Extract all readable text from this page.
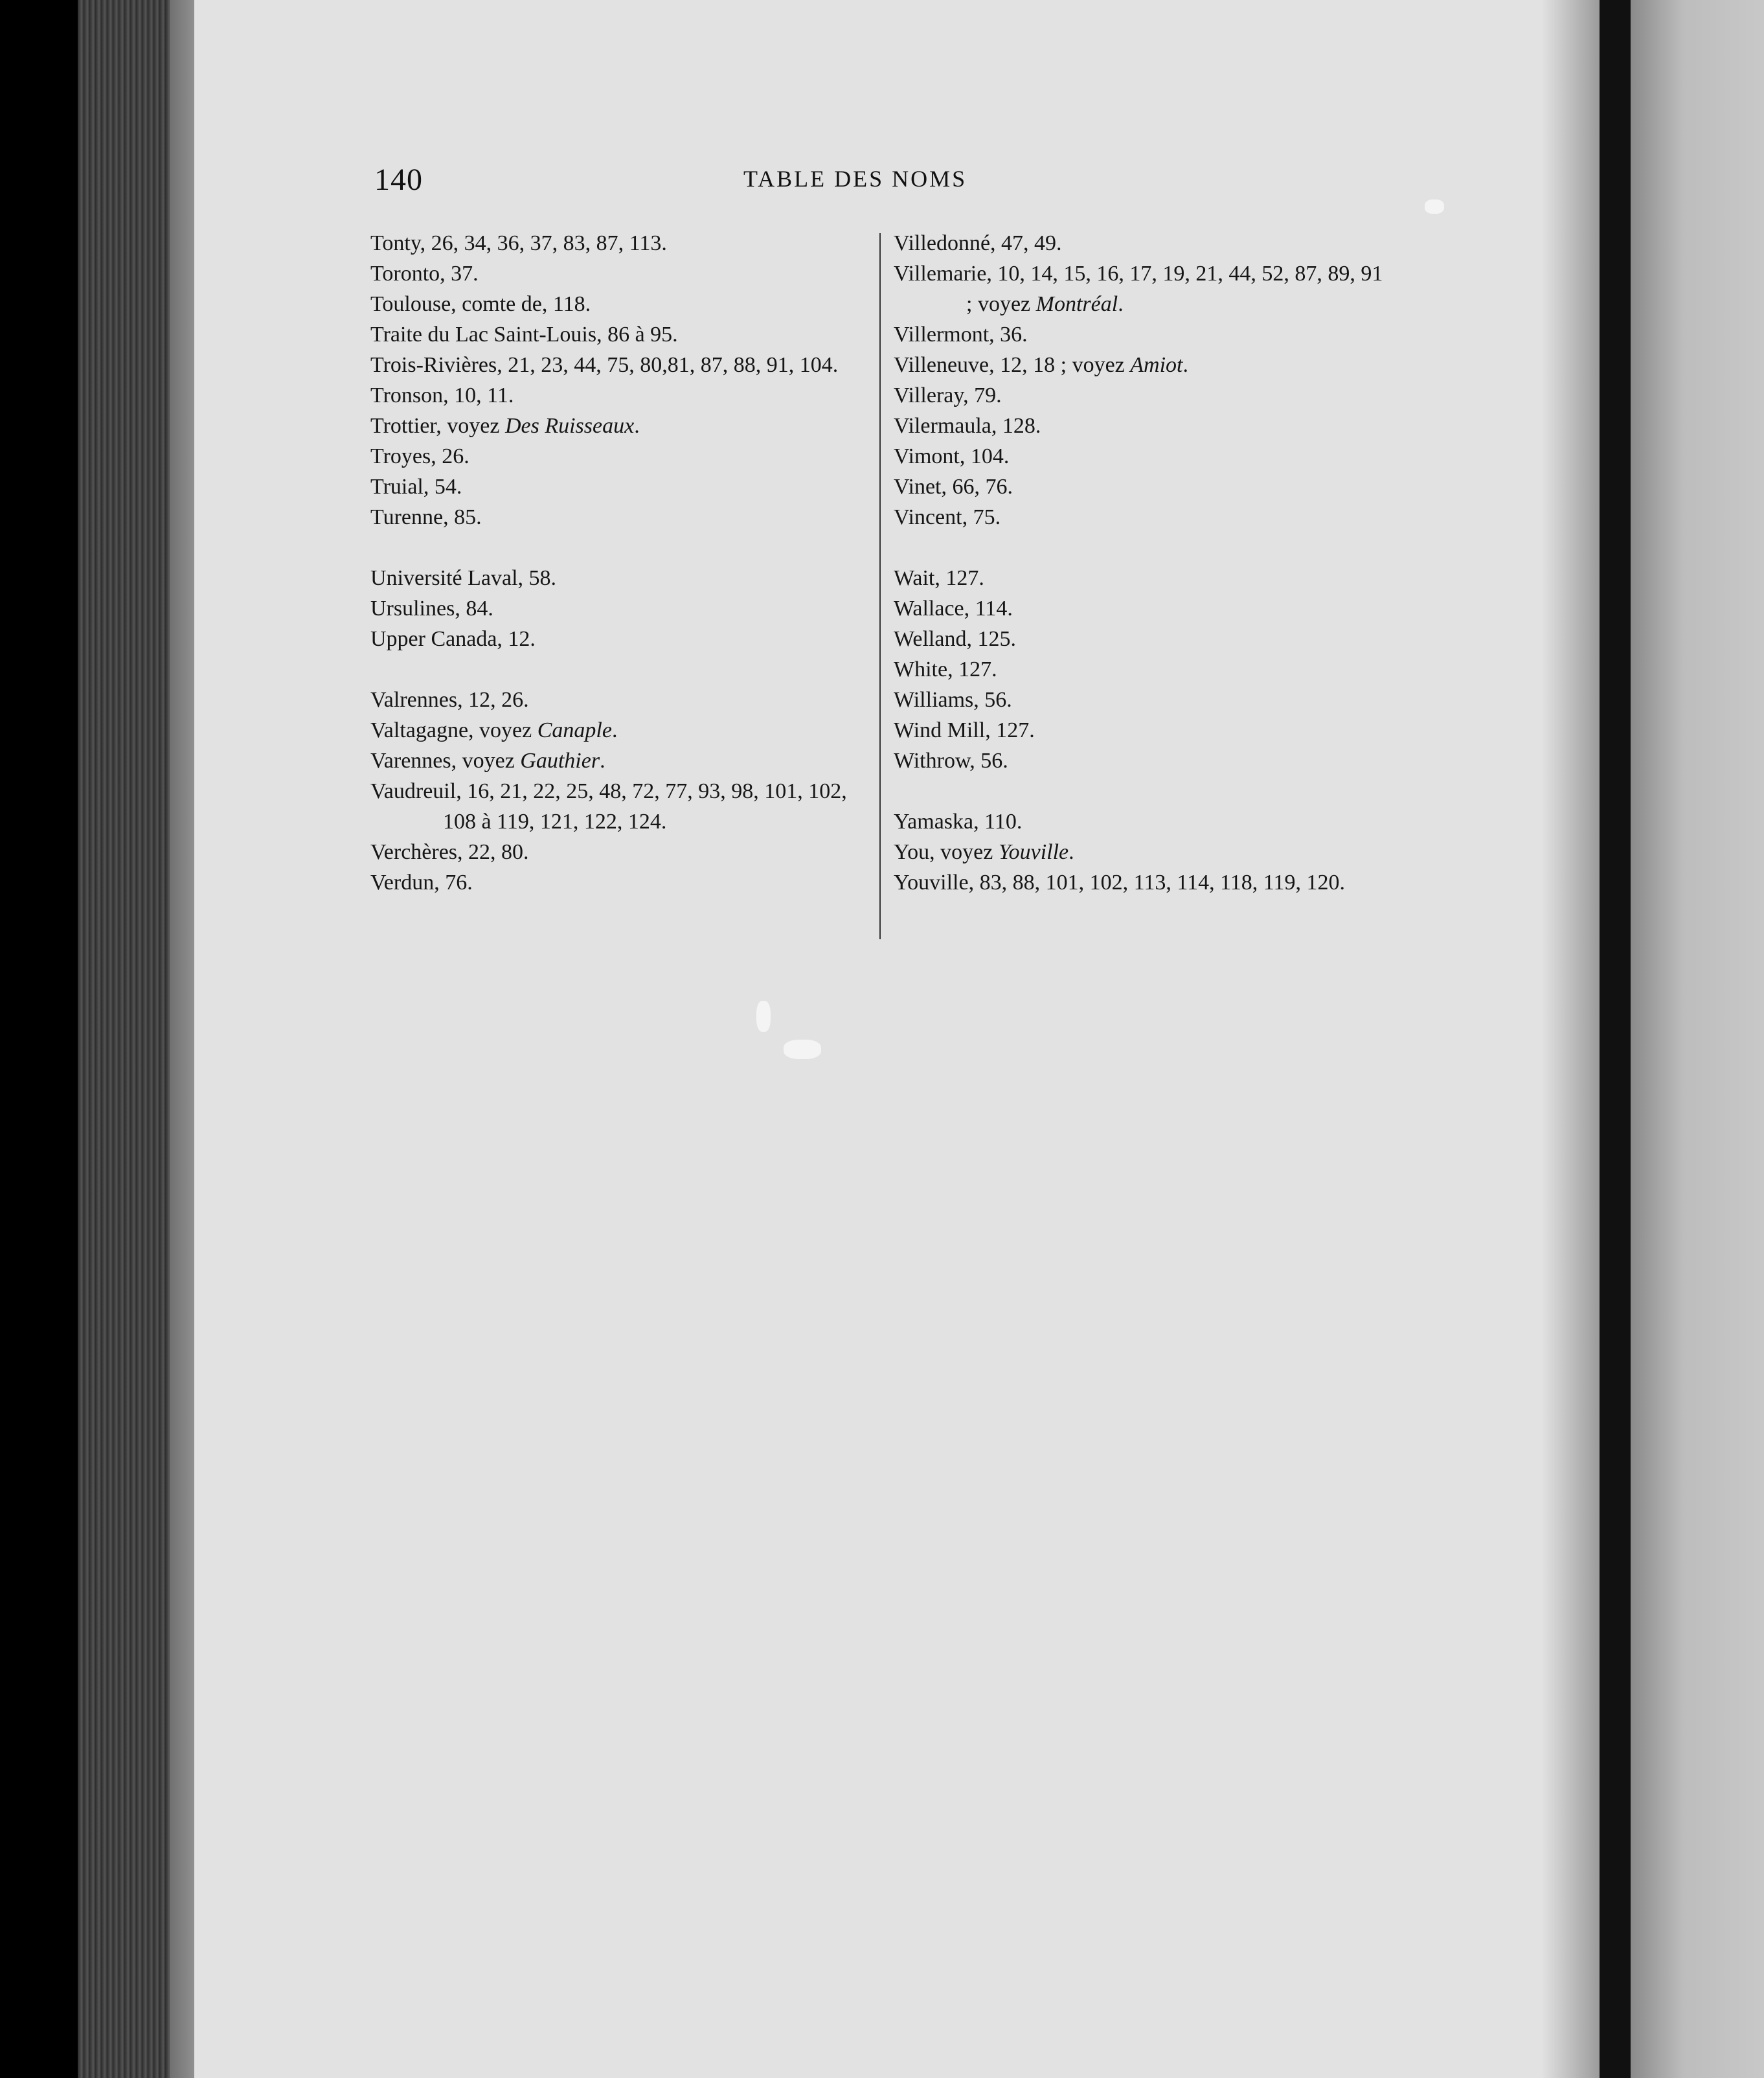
140	TABLE DES NOMS

Tonty, 26, 34, 36, 37, 83, 87, 113.

Toronto, 37.

Toulouse, comte de, 118.

Traite du Lac Saint-Louis, 86 à 95.

Trois-Rivières, 21, 23, 44, 75, 80,81, 87, 88, 91, 104.

Tronson, 10, 11.

Trottier, voyez Des Ruisseaux.

Troyes, 26.

Truial, 54.

Turenne, 85.

Université Laval, 58.

Ursulines, 84.

Upper Canada, 12.

Valrennes, 12, 26.

Valtagagne, voyez Canaple.

Varennes, voyez Gauthier.

Vaudreuil, 16, 21, 22, 25, 48, 72, 77, 93, 98, 101, 102, 108 à 119, 121, 122, 124.

Verchères, 22, 80.

Verdun, 76.

Villedonné, 47, 49.

Villemarie, 10, 14, 15, 16, 17, 19, 21, 44, 52, 87, 89, 91 ; voyez Montréal.

Villermont, 36.

Villeneuve, 12, 18 ; voyez Amiot.

Villeray, 79.

Vilermaula, 128.

Vimont, 104.

Vinet, 66, 76.

Vincent, 75.

Wait, 127.

Wallace, 114.

Welland, 125.

White, 127.

Williams, 56.

Wind Mill, 127.

Withrow, 56.

Yamaska, 110.

You, voyez Youville.

Youville, 83, 88, 101, 102, 113, 114, 118, 119, 120.
